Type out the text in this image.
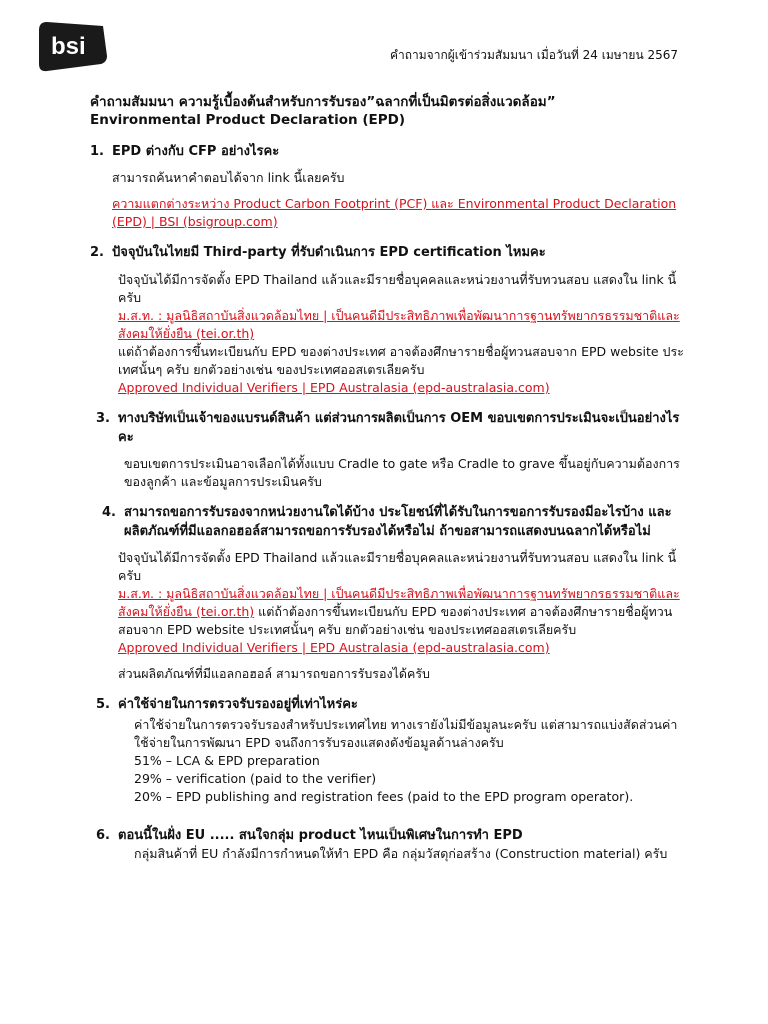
bsi	คำถามจากผู้เข้าร่วมสัมมนา เมื่อวันที่ 24 เมษายน 2567
คำถามสัมมนา ความรู้เบื้องต้นสำหรับการรับรอง”ฉลากที่เป็นมิตรต่อสิ่งแวดล้อม”
Environmental Product Declaration (EPD)
1. EPD ต่างกับ CFP อย่างไรคะ
สามารถค้นหาคำตอบได้จาก link นี้เลยครับ
ความแตกต่างระหว่าง Product Carbon Footprint (PCF) และ Environmental Product Declaration (EPD) | BSI (bsigroup.com)
2. ปัจจุบันในไทยมี Third-party ที่รับดำเนินการ EPD certification ไหมคะ
ปัจจุบันได้มีการจัดตั้ง EPD Thailand แล้วและมีรายชื่อบุคคลและหน่วยงานที่รับทวนสอบ แสดงใน link นี้ครับ
ม.ส.ท. : มูลนิธิสถาบันสิ่งแวดล้อมไทย | เป็นคนดีมีประสิทธิภาพเพื่อพัฒนาการฐานทรัพยากรธรรมชาติและสังคมให้ยั่งยืน (tei.or.th)
แต่ถ้าต้องการขึ้นทะเบียนกับ EPD ของต่างประเทศ อาจต้องศึกษารายชื่อผู้ทวนสอบจาก EPD website ประเทศนั้นๆ ครับ ยกตัวอย่างเช่น ของประเทศออสเตรเลียครับ
Approved Individual Verifiers | EPD Australasia (epd-australasia.com)
3. ทางบริษัทเป็นเจ้าของแบรนด์สินค้า แต่ส่วนการผลิตเป็นการ OEM ขอบเขตการประเมินจะเป็นอย่างไรคะ
ขอบเขตการประเมินอาจเลือกได้ทั้งแบบ Cradle to gate หรือ Cradle to grave ขึ้นอยู่กับความต้องการของลูกค้า และข้อมูลการประเมินครับ
4. สามารถขอการรับรองจากหน่วยงานใดได้บ้าง ประโยชน์ที่ได้รับในการขอการรับรองมีอะไรบ้าง และผลิตภัณฑ์ที่มีแอลกอฮอล์สามารถขอการรับรองได้หรือไม่ ถ้าขอสามารถแสดงบนฉลากได้หรือไม่
ปัจจุบันได้มีการจัดตั้ง EPD Thailand แล้วและมีรายชื่อบุคคลและหน่วยงานที่รับทวนสอบ แสดงใน link นี้ครับ
ม.ส.ท. : มูลนิธิสถาบันสิ่งแวดล้อมไทย | เป็นคนดีมีประสิทธิภาพเพื่อพัฒนาการฐานทรัพยากรธรรมชาติและสังคมให้ยั่งยืน (tei.or.th) แต่ถ้าต้องการขึ้นทะเบียนกับ EPD ของต่างประเทศ อาจต้องศึกษารายชื่อผู้ทวนสอบจาก EPD website ประเทศนั้นๆ ครับ ยกตัวอย่างเช่น ของประเทศออสเตรเลียครับ
Approved Individual Verifiers | EPD Australasia (epd-australasia.com)
ส่วนผลิตภัณฑ์ที่มีแอลกอฮอล์ สามารถขอการรับรองได้ครับ
5. ค่าใช้จ่ายในการตรวจรับรองอยู่ที่เท่าไหร่คะ
ค่าใช้จ่ายในการตรวจรับรองสำหรับประเทศไทย ทางเรายังไม่มีข้อมูลนะครับ แต่สามารถแบ่งสัดส่วนค่าใช้จ่ายในการพัฒนา EPD จนถึงการรับรองแสดงดังข้อมูลด้านล่างครับ
51% – LCA & EPD preparation
29% – verification (paid to the verifier)
20% – EPD publishing and registration fees (paid to the EPD program operator).
6. ตอนนี้ในฝั่ง EU ..... สนใจกลุ่ม product ไหนเป็นพิเศษในการทำ EPD
กลุ่มสินค้าที่ EU กำลังมีการกำหนดให้ทำ EPD คือ กลุ่มวัสดุก่อสร้าง (Construction material) ครับ
